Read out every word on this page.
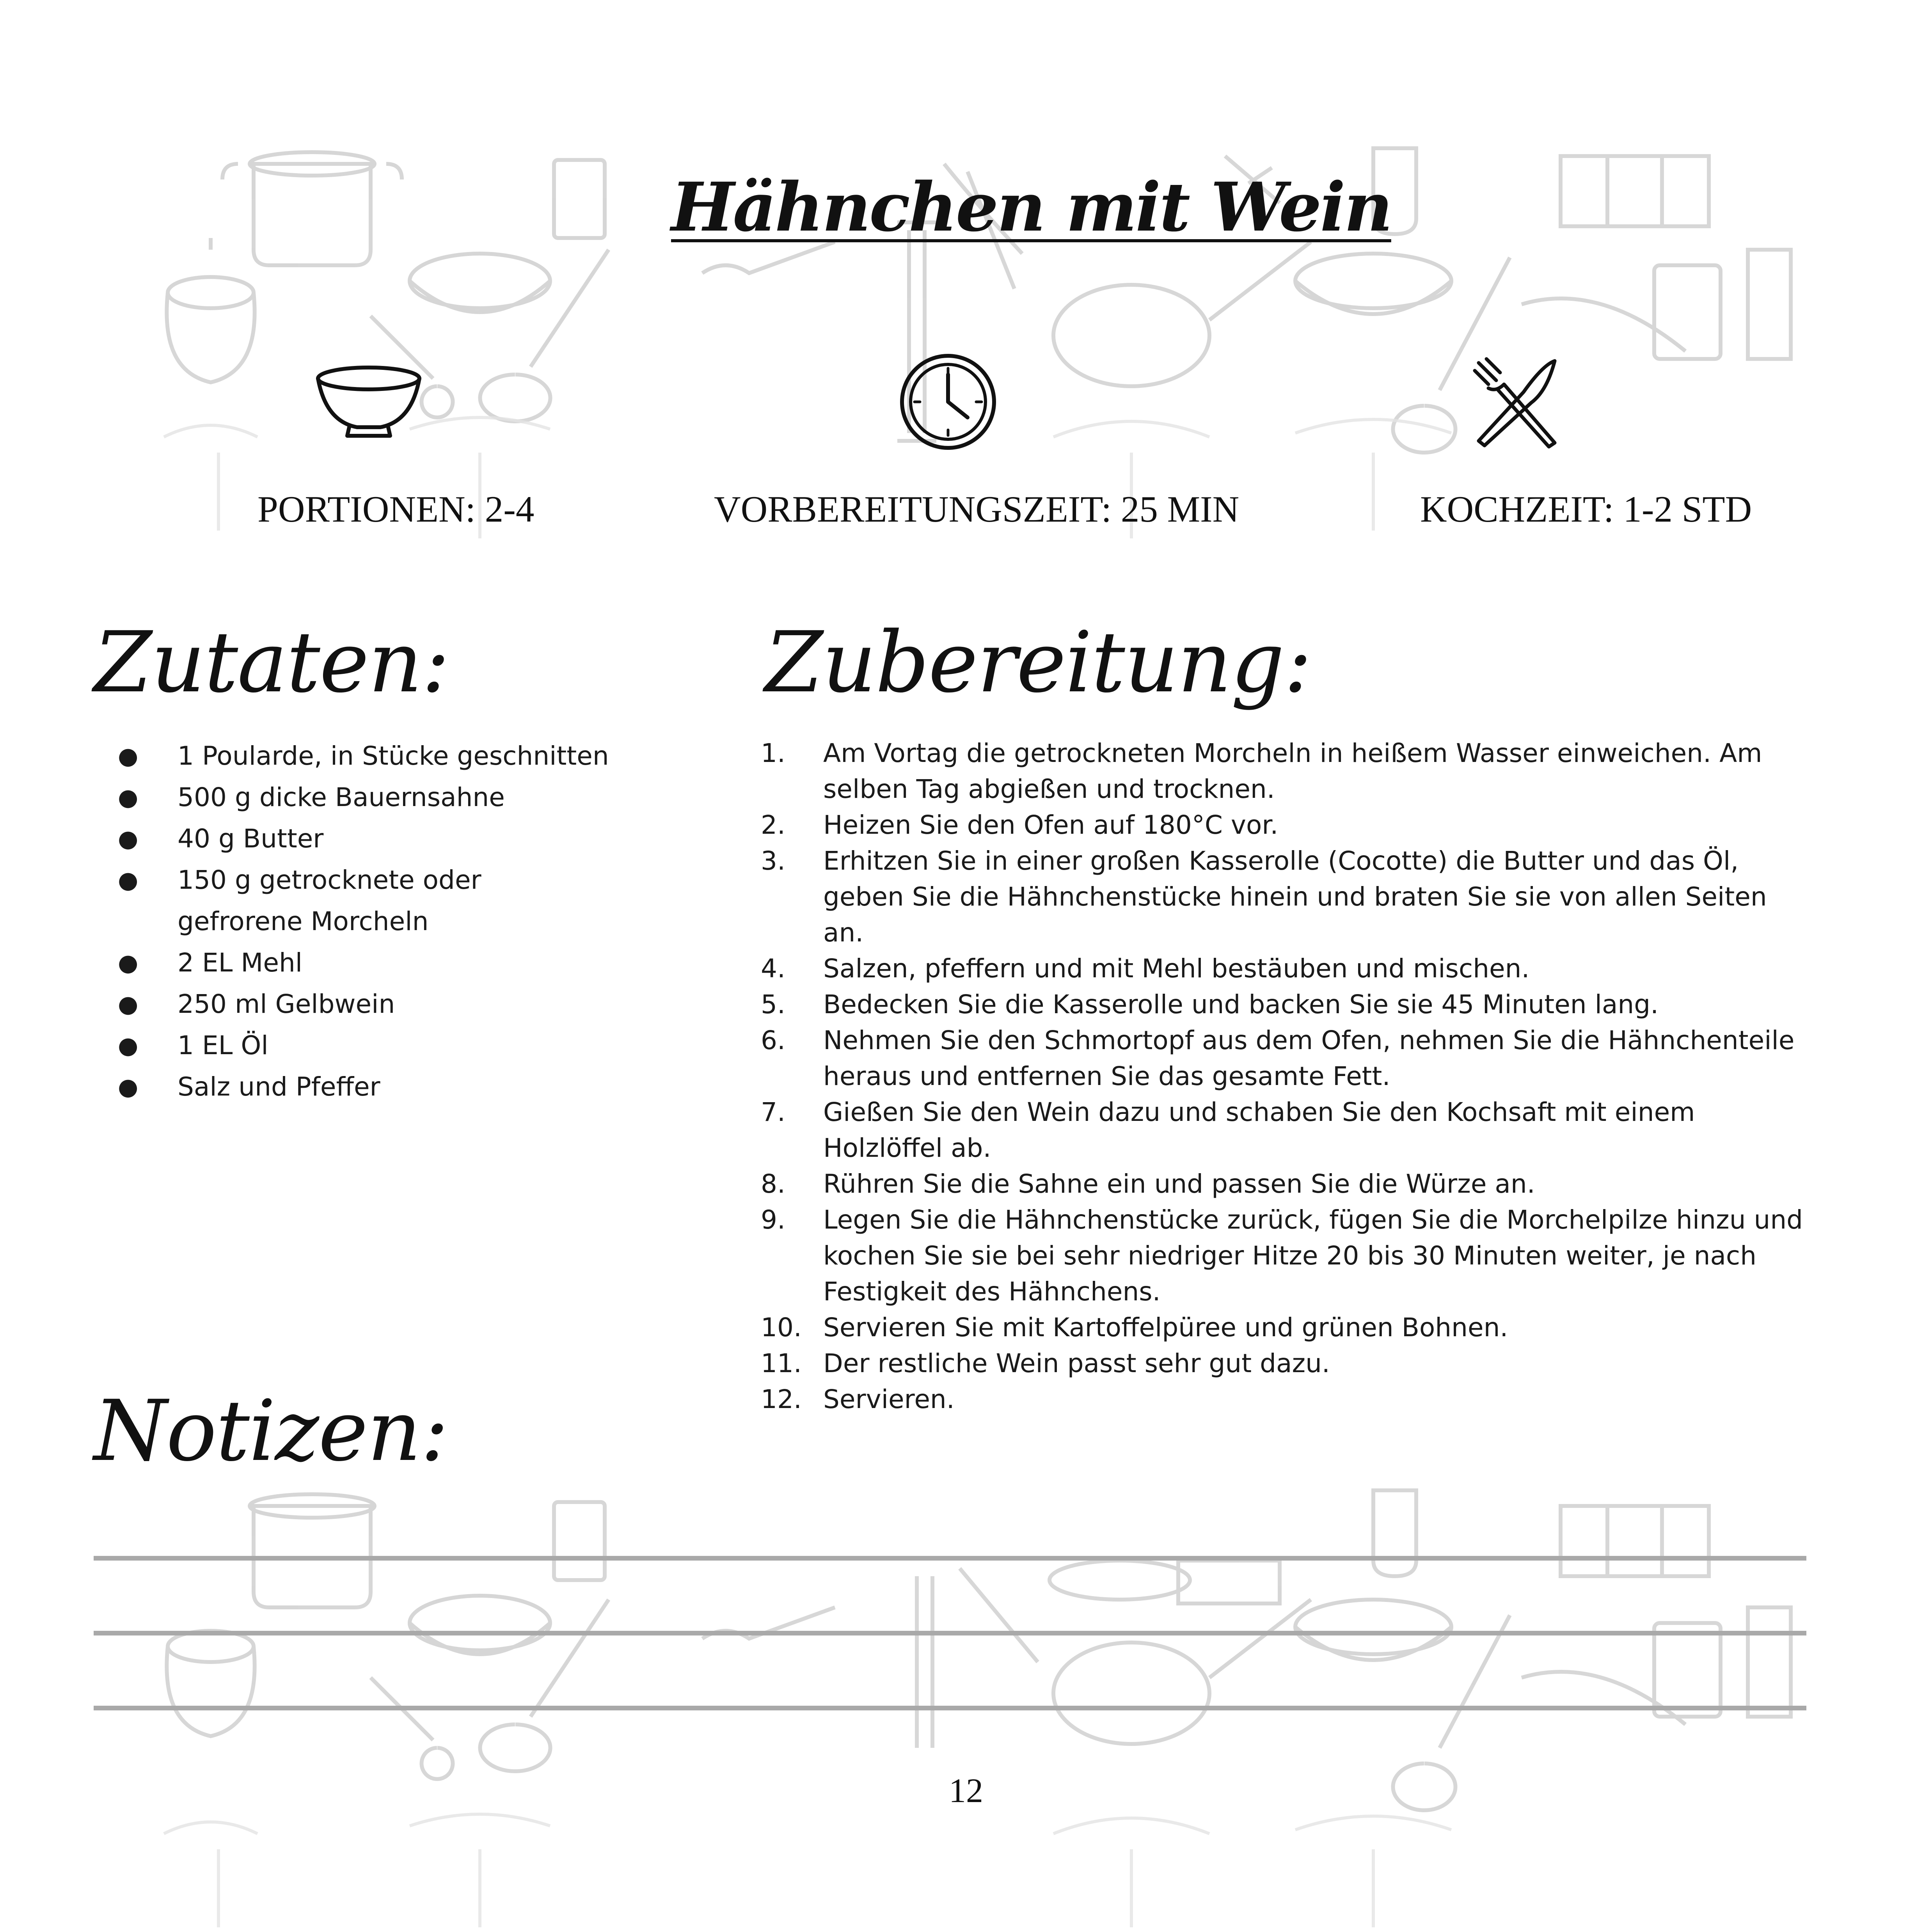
Hähnchen mit Wein
PORTIONEN: 2-4	VORBEREITUNGSZEIT: 25 MIN	KOCHZEIT: 1-2 STD
Zutaten:	Zubereitung:
● 1 Poularde, in Stücke geschnitten
● 500 g dicke Bauernsahne
● 40 g Butter
● 150 g getrocknete oder
gefrorene Morcheln
● 2 EL Mehl
● 250 ml Gelbwein
● 1 EL Öl
● Salz und Pfeffer
1. Am Vortag die getrockneten Morcheln in heißem Wasser einweichen. Am selben Tag abgießen und trocknen.
2. Heizen Sie den Ofen auf 180°C vor.
3. Erhitzen Sie in einer großen Kasserolle (Cocotte) die Butter und das Öl, geben Sie die Hähnchenstücke hinein und braten Sie sie von allen Seiten an.
4. Salzen, pfeffern und mit Mehl bestäuben und mischen.
5. Bedecken Sie die Kasserolle und backen Sie sie 45 Minuten lang.
6. Nehmen Sie den Schmortopf aus dem Ofen, nehmen Sie die Hähnchenteile heraus und entfernen Sie das gesamte Fett.
7. Gießen Sie den Wein dazu und schaben Sie den Kochsaft mit einem Holzlöffel ab.
8. Rühren Sie die Sahne ein und passen Sie die Würze an.
9. Legen Sie die Hähnchenstücke zurück, fügen Sie die Morchelpilze hinzu und kochen Sie sie bei sehr niedriger Hitze 20 bis 30 Minuten weiter, je nach Festigkeit des Hähnchens.
10. Servieren Sie mit Kartoffelpüree und grünen Bohnen.
11. Der restliche Wein passt sehr gut dazu.
12. Servieren.
Notizen:
12
